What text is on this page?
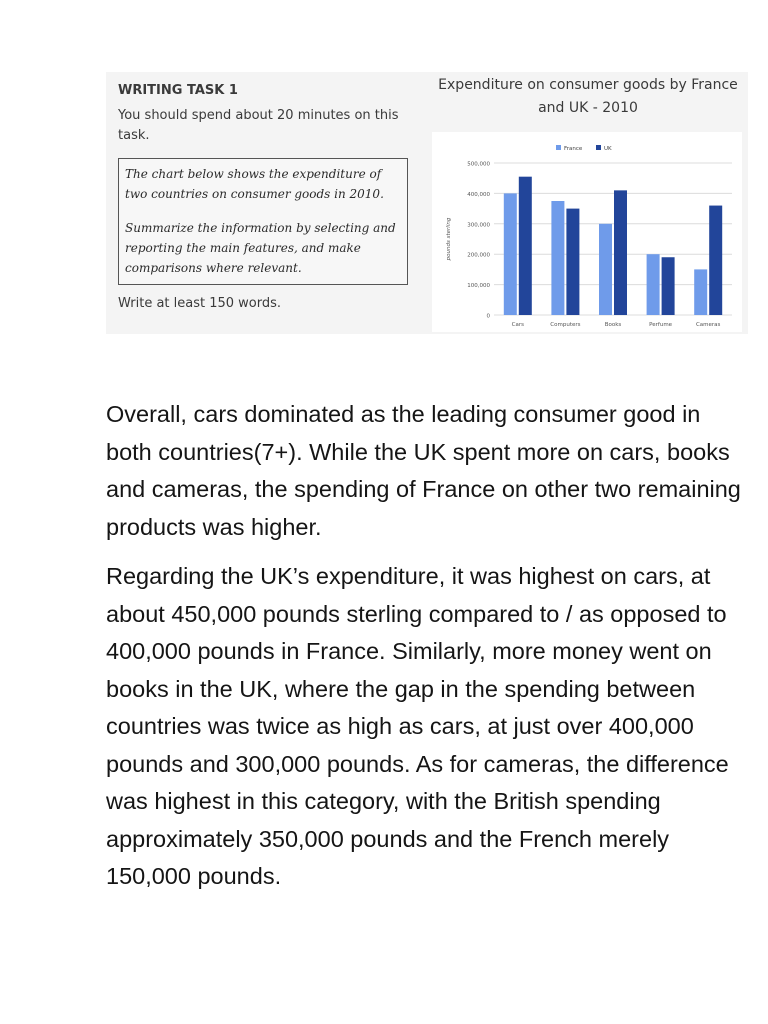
WRITING TASK 1
You should spend about 20 minutes on this task.

The chart below shows the expenditure of two countries on consumer goods in 2010.

Summarize the information by selecting and reporting the main features, and make comparisons where relevant.

Write at least 150 words.
Expenditure on consumer goods by France and UK - 2010
0
100,000
200,000
300,000
400,000
500,000
pounds sterling
Cars	Computers	Books	Perfume	Cameras
France	UK

Overall, cars dominated as the leading consumer good in both countries(7+). While the UK spent more on cars, books and cameras, the spending of France on other two remaining products was higher.

Regarding the UK’s expenditure, it was highest on cars, at about 450,000 pounds sterling compared to / as opposed to 400,000 pounds in France. Similarly, more money went on books in the UK, where the gap in the spending between countries was twice as high as cars, at just over 400,000 pounds and 300,000 pounds. As for cameras, the difference was highest in this category, with the British spending approximately 350,000 pounds and the French merely 150,000 pounds.
